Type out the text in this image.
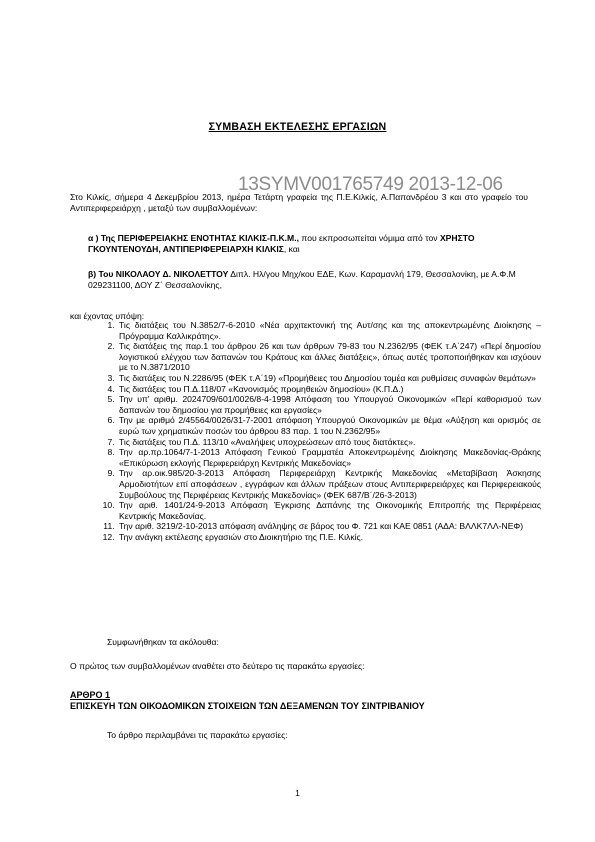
ΣΥΜΒΑΣΗ ΕΚΤΕΛΕΣΗΣ ΕΡΓΑΣΙΩΝ
13SYMV001765749 2013-12-06
Στο Κιλκίς, σήμερα 4 Δεκεμβρίου 2013, ημέρα Τετάρτη γραφεία της Π.Ε.Κιλκίς, Α.Παπανδρέου 3 και στο γραφείο του Αντιπεριφερειάρχη , μεταξύ των συμβαλλομένων:
α ) Της ΠΕΡΙΦΕΡΕΙΑΚΗΣ ΕΝΟΤΗΤΑΣ ΚΙΛΚΙΣ-Π.Κ.Μ., που εκπροσωπείται νόμιμα από τον ΧΡΗΣΤΟ ΓΚΟΥΝΤΕΝΟΥΔΗ, ΑΝΤΙΠΕΡΙΦΕΡΕΙΑΡΧΗ ΚΙΛΚΙΣ, και
β) Του ΝΙΚΟΛΑΟΥ Δ. ΝΙΚΟΛΕΤΤΟΥ Διπλ. Ηλ/γου Μηχ/κου ΕΔΕ, Κων. Καραμανλή 179, Θεσσαλονίκη, με Α.Φ.Μ 029231100, ΔΟΥ Ζ΄ Θεσσαλονίκης,
και έχοντας υπόψη:
1. Τις διατάξεις του Ν.3852/7-6-2010 «Νέα αρχιτεκτονική της Αυτ/σης και της αποκεντρωμένης Διοίκησης – Πρόγραμμα Καλλικράτης».
2. Τις διατάξεις της παρ.1 του άρθρου 26 και των άρθρων 79-83 του Ν.2362/95 (ΦΕΚ τ.Α΄247) «Περί δημοσίου λογιστικού ελέγχου των δαπανών του Κράτους και άλλες διατάξεις», όπως αυτές τροποποιήθηκαν και ισχύουν με το Ν.3871/2010
3. Τις διατάξεις του Ν.2286/95 (ΦΕΚ τ.Α΄19) «Προμήθειες του Δημοσίου τομέα και ρυθμίσεις συναφών θεμάτων»
4. Τις διατάξεις του Π.Δ.118/07 «Κανονισμός προμηθειών δημοσίου» (Κ.Π.Δ.)
5. Την υπ' αριθμ. 2024709/601/0026/8-4-1998 Απόφαση του Υπουργού Οικονομικών «Περί καθορισμού των δαπανών του δημοσίου για προμήθειες και εργασίες»
6. Την με αριθμό 2/45564/0026/31-7-2001 απόφαση Υπουργού Οικονομικών με θέμα «Αύξηση και ορισμός σε ευρώ των χρηματικών ποσών του άρθρου 83 παρ. 1 του Ν.2362/95»
7. Τις διατάξεις του Π.Δ. 113/10 «Αναλήψεις υποχρεώσεων από τους διατάκτες».
8. Την αρ.πρ.1064/7-1-2013 Απόφαση Γενικού Γραμματέα Αποκεντρωμένης Διοίκησης Μακεδονίας-Θράκης «Επικύρωση εκλογής Περιφερειάρχη Κεντρικής Μακεδονίας»
9. Την αρ.οικ.985/20-3-2013 Απόφαση Περιφερειάρχη Κεντρικής Μακεδονίας «Μεταβίβαση Άσκησης Αρμοδιοτήτων επί αποφάσεων , εγγράφων και άλλων πράξεων στους Αντιπεριφερειάρχες και Περιφερειακούς Συμβούλους της Περιφέρειας Κεντρικής Μακεδονίας» (ΦΕΚ 687/Β΄/26-3-2013)
10. Την αριθ. 1401/24-9-2013 Απόφαση Έγκρισης Δαπάνης της Οικονομικής Επιτροπής της Περιφέρειας Κεντρικής Μακεδονίας.
11. Την αριθ. 3219/2-10-2013 απόφαση ανάληψης σε βάρος του Φ. 721 και ΚΑΕ 0851 (ΑΔΑ: ΒΛΛΚ7ΛΛ-ΝΕΦ)
12. Την ανάγκη εκτέλεσης εργασιών στο Διοικητήριο της Π.Ε. Κιλκίς.
Συμφωνήθηκαν τα ακόλουθα:
Ο πρώτος των συμβαλλομένων αναθέτει στο δεύτερο τις παρακάτω εργασίες:
ΑΡΘΡΟ 1
ΕΠΙΣΚΕΥΗ ΤΩΝ ΟΙΚΟΔΟΜΙΚΩΝ ΣΤΟΙΧΕΙΩΝ ΤΩΝ ΔΕΞΑΜΕΝΩΝ ΤΟΥ ΣΙΝΤΡΙΒΑΝΙΟΥ
Το άρθρο περιλαμβάνει τις παρακάτω εργασίες:
1
